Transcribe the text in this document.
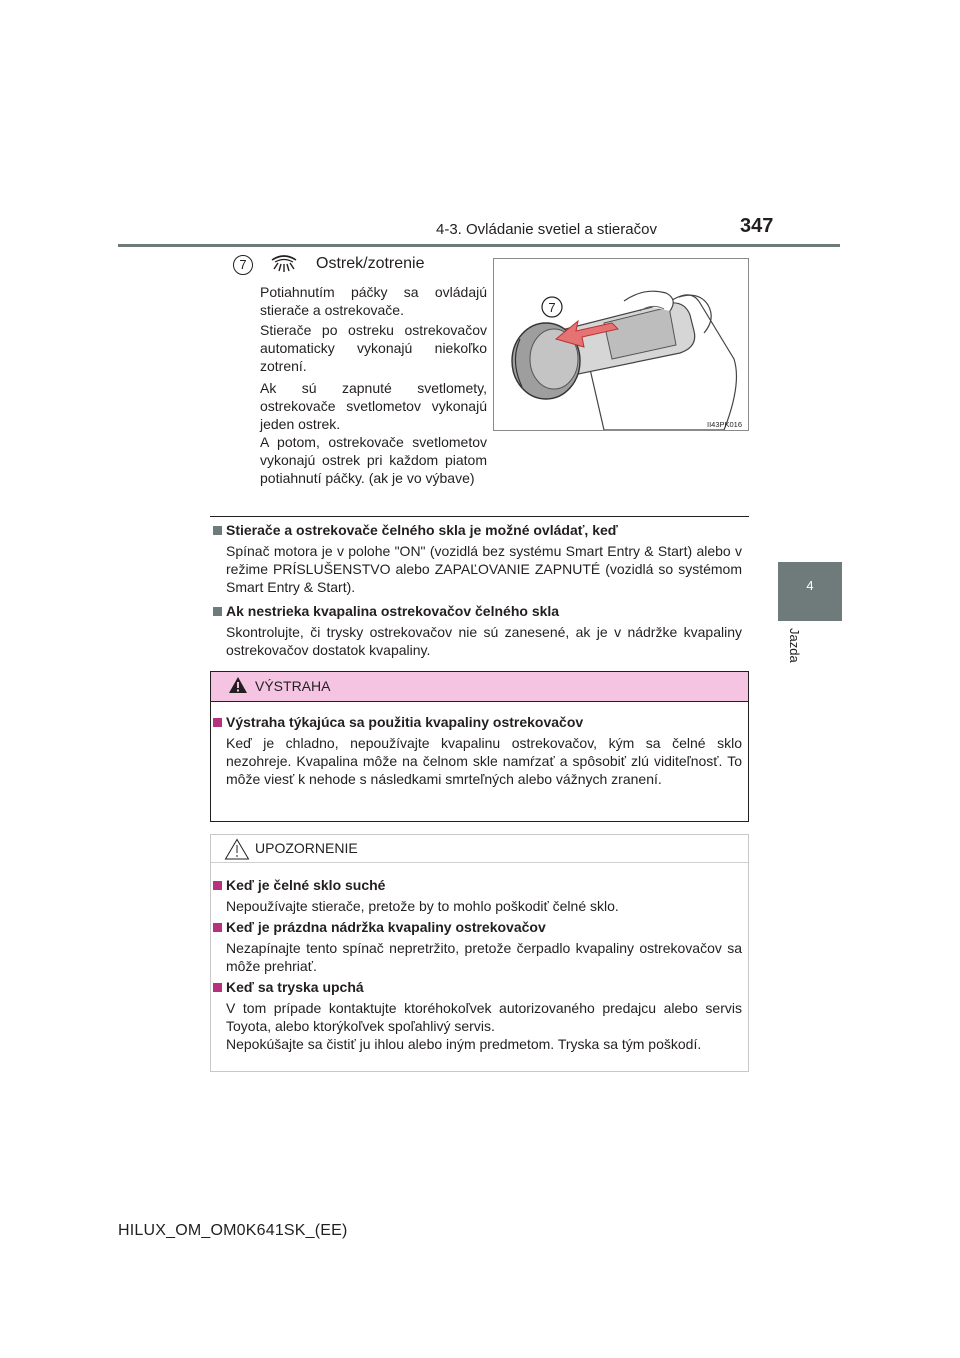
4-3. Ovládanie svetiel a stieračov	347
4
Jazda
7	Ostrek/zotrenie

Potiahnutím páčky sa ovládajú stierače a ostrekovače.

Stierače po ostreku ostrekovačov automaticky vykonajú niekoľko zotrení.

Ak sú zapnuté svetlomety, ostrekovače svetlometov vykonajú jeden ostrek.
A potom, ostrekovače svetlometov vykonajú ostrek pri každom piatom potiahnutí páčky. (ak je vo výbave)

7
II43PK016
Stierače a ostrekovače čelného skla je možné ovládať, keď

Spínač motora je v polohe "ON" (vozidlá bez systému Smart Entry & Start) alebo v režime PRÍSLUŠENSTVO alebo ZAPAĽOVANIE ZAPNUTÉ (vozidlá so systémom Smart Entry & Start).

Ak nestrieka kvapalina ostrekovačov čelného skla

Skontrolujte, či trysky ostrekovačov nie sú zanesené, ak je v nádržke kvapaliny ostrekovačov dostatok kvapaliny.

VÝSTRAHA
Výstraha týkajúca sa použitia kvapaliny ostrekovačov

Keď je chladno, nepoužívajte kvapalinu ostrekovačov, kým sa čelné sklo nezohreje. Kvapalina môže na čelnom skle namŕzať a spôsobiť zlú viditeľnosť. To môže viesť k nehode s následkami smrteľných alebo vážnych zranení.

UPOZORNENIE
Keď je čelné sklo suché

Nepoužívajte stierače, pretože by to mohlo poškodiť čelné sklo.

Keď je prázdna nádržka kvapaliny ostrekovačov

Nezapínajte tento spínač nepretržito, pretože čerpadlo kvapaliny ostrekovačov sa môže prehriať.

Keď sa tryska upchá

V tom prípade kontaktujte ktoréhokoľvek autorizovaného predajcu alebo servis Toyota, alebo ktorýkoľvek spoľahlivý servis.
Nepokúšajte sa čistiť ju ihlou alebo iným predmetom. Tryska sa tým poškodí.

HILUX_OM_OM0K641SK_(EE)
